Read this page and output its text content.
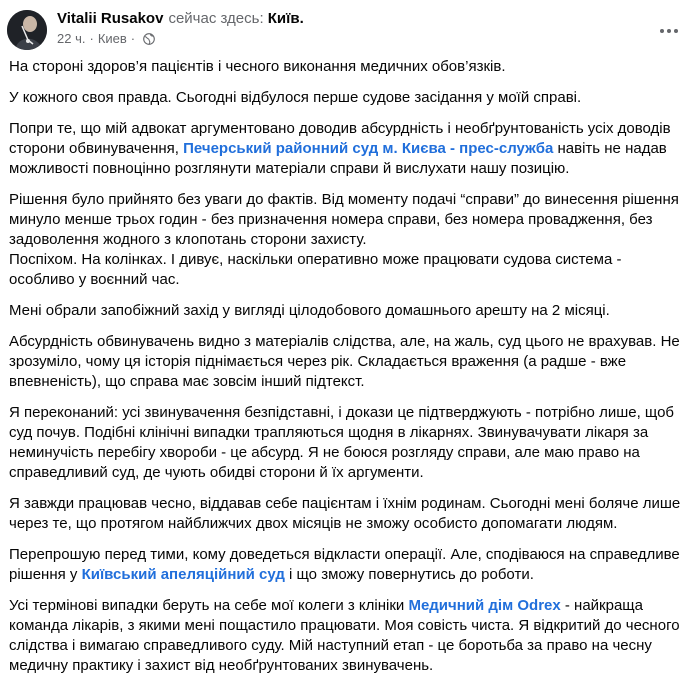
Vitalii Rusakov сейчас здесь: Київ.
22 ч. · Киев ·

На стороні здоров’я пацієнтів і чесного виконання медичних обов’язків.

У кожного своя правда. Сьогодні відбулося перше судове засідання у моїй справі.

Попри те, що мій адвокат аргументовано доводив абсурдність і необґрунтованість усіх доводів сторони обвинувачення, Печерський районний суд м. Києва - прес-служба навіть не надав можливості повноцінно розглянути матеріали справи й вислухати нашу позицію.

Рішення було прийнято без уваги до фактів. Від моменту подачі “справи” до винесення рішення минуло менше трьох годин - без призначення номера справи, без номера провадження, без задоволення жодного з клопотань сторони захисту.

Поспіхом. На колінках. І дивує, наскільки оперативно може працювати судова система - особливо у воєнний час.

Мені обрали запобіжний захід у вигляді цілодобового домашнього арешту на 2 місяці.

Абсурдність обвинувачень видно з матеріалів слідства, але, на жаль, суд цього не врахував. Не зрозуміло, чому ця історія піднімається через рік. Складається враження (а радше - вже впевненість), що справа має зовсім інший підтекст.

Я переконаний: усі звинувачення безпідставні, і докази це підтверджують - потрібно лише, щоб суд почув. Подібні клінічні випадки трапляються щодня в лікарнях. Звинувачувати лікаря за неминучість перебігу хвороби - це абсурд. Я не боюся розгляду справи, але маю право на справедливий суд, де чують обидві сторони й їх аргументи.

Я завжди працював чесно, віддавав себе пацієнтам і їхнім родинам. Сьогодні мені боляче лише через те, що протягом найближчих двох місяців не зможу особисто допомагати людям.

Перепрошую перед тими, кому доведеться відкласти операції. Але, сподіваюся на справедливе рішення у Київський апеляційний суд і що зможу повернутись до роботи.

Усі термінові випадки беруть на себе мої колеги з клініки Медичний дім Odrex - найкраща команда лікарів, з якими мені пощастило працювати. Моя совість чиста. Я відкритий до чесного слідства і вимагаю справедливого суду. Мій наступний етап - це боротьба за право на чесну медичну практику і захист від необґрунтованих звинувачень.
